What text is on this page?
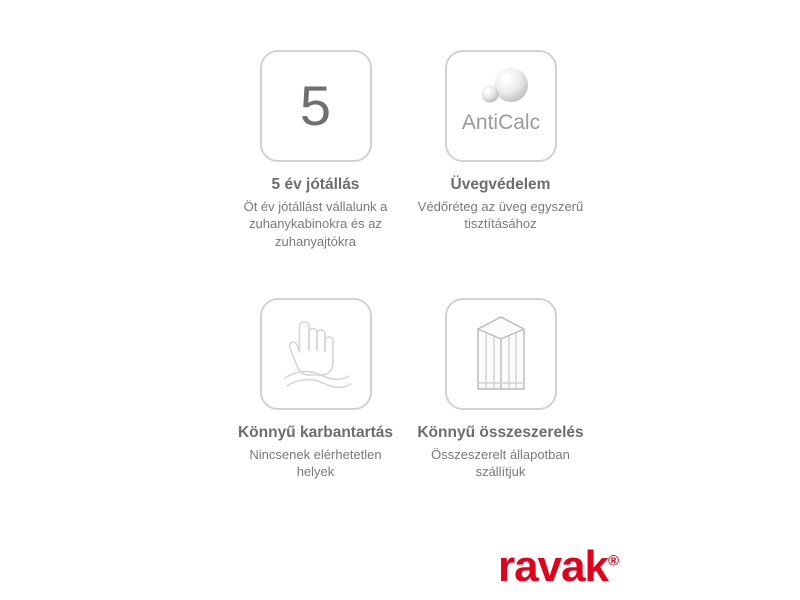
5
5 év jótállás
Öt év jótállást vállalunk a zuhanykabinokra és az zuhanyajtókra
AntiCalc
Üvegvédelem
Védőréteg az üveg egyszerű tisztításához
Könnyű karbantartás
Nincsenek elérhetetlen helyek
Könnyű összeszerelés
Összeszerelt állapotban szállítjuk
ravak®
